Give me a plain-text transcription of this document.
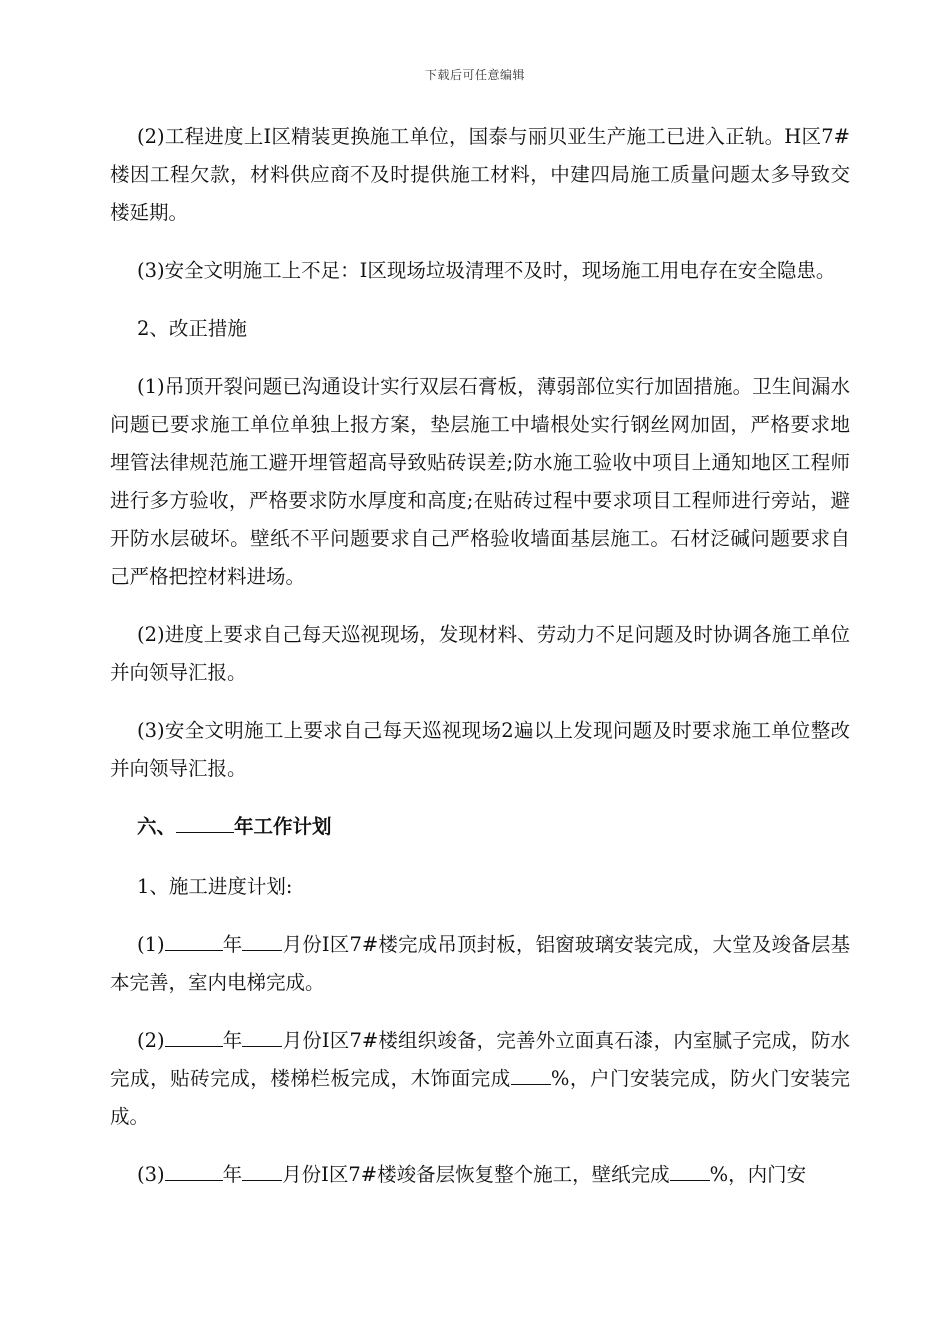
下载后可任意编辑

(2)工程进度上Ⅰ区精装更换施工单位，国泰与丽贝亚生产施工已进入正轨。H区7#楼因工程欠款，材料供应商不及时提供施工材料，中建四局施工质量问题太多导致交楼延期。

(3)安全文明施工上不足：Ⅰ区现场垃圾清理不及时，现场施工用电存在安全隐患。

2、改正措施

(1)吊顶开裂问题已沟通设计实行双层石膏板，薄弱部位实行加固措施。卫生间漏水问题已要求施工单位单独上报方案，垫层施工中墙根处实行钢丝网加固，严格要求地埋管法律规范施工避开埋管超高导致贴砖误差;防水施工验收中项目上通知地区工程师进行多方验收，严格要求防水厚度和高度;在贴砖过程中要求项目工程师进行旁站，避开防水层破坏。壁纸不平问题要求自己严格验收墙面基层施工。石材泛碱问题要求自己严格把控材料进场。

(2)进度上要求自己每天巡视现场，发现材料、劳动力不足问题及时协调各施工单位并向领导汇报。

(3)安全文明施工上要求自己每天巡视现场2遍以上发现问题及时要求施工单位整改并向领导汇报。

六、	年工作计划

1、施工进度计划:

(1)	年 月份Ⅰ区7#楼完成吊顶封板，铝窗玻璃安装完成，大堂及竣备层基本完善，室内电梯完成。

(2)	年 月份Ⅰ区7#楼组织竣备，完善外立面真石漆，内室腻子完成，防水完成，贴砖完成，楼梯栏板完成，木饰面完成 %，户门安装完成，防火门安装完成。

(3)	年 月份Ⅰ区7#楼竣备层恢复整个施工，壁纸完成 %，内门安
